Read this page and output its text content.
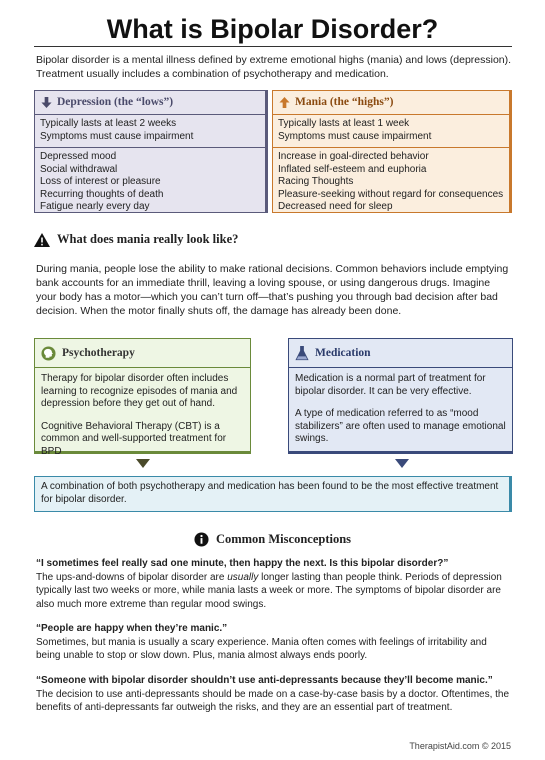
What is Bipolar Disorder?
Bipolar disorder is a mental illness defined by extreme emotional highs (mania) and lows (depression). Treatment usually includes a combination of psychotherapy and medication.
Depression (the “lows”)
Typically lasts at least 2 weeks
Symptoms must cause impairment
Depressed mood
Social withdrawal
Loss of interest or pleasure
Recurring thoughts of death
Fatigue nearly every day
Mania (the “highs”)
Typically lasts at least 1 week
Symptoms must cause impairment
Increase in goal-directed behavior
Inflated self-esteem and euphoria
Racing Thoughts
Pleasure-seeking without regard for consequences
Decreased need for sleep
What does mania really look like?
During mania, people lose the ability to make rational decisions. Common behaviors include emptying bank accounts for an immediate thrill, leaving a loving spouse, or using dangerous drugs. Imagine your body has a motor—which you can’t turn off—that’s pushing you through bad decision after bad decision. When the motor finally shuts off, the damage has already been done.
Psychotherapy
Therapy for bipolar disorder often includes learning to recognize episodes of mania and depression before they get out of hand.
Cognitive Behavioral Therapy (CBT) is a common and well-supported treatment for BPD
Medication
Medication is a normal part of treatment for bipolar disorder. It can be very effective.
A type of medication referred to as “mood stabilizers” are often used to manage emotional swings.
A combination of both psychotherapy and medication has been found to be the most effective treatment for bipolar disorder.
Common Misconceptions
“I sometimes feel really sad one minute, then happy the next. Is this bipolar disorder?”
The ups-and-downs of bipolar disorder are usually longer lasting than people think. Periods of depression typically last two weeks or more, while mania lasts a week or more. The symptoms of bipolar disorder are also much more extreme than regular mood swings.
“People are happy when they’re manic.”
Sometimes, but mania is usually a scary experience. Mania often comes with feelings of irritability and being unable to stop or slow down. Plus, mania almost always ends poorly.
“Someone with bipolar disorder shouldn’t use anti-depressants because they’ll become manic.”
The decision to use anti-depressants should be made on a case-by-case basis by a doctor. Oftentimes, the benefits of anti-depressants far outweigh the risks, and they are an essential part of treatment.
TherapistAid.com © 2015
